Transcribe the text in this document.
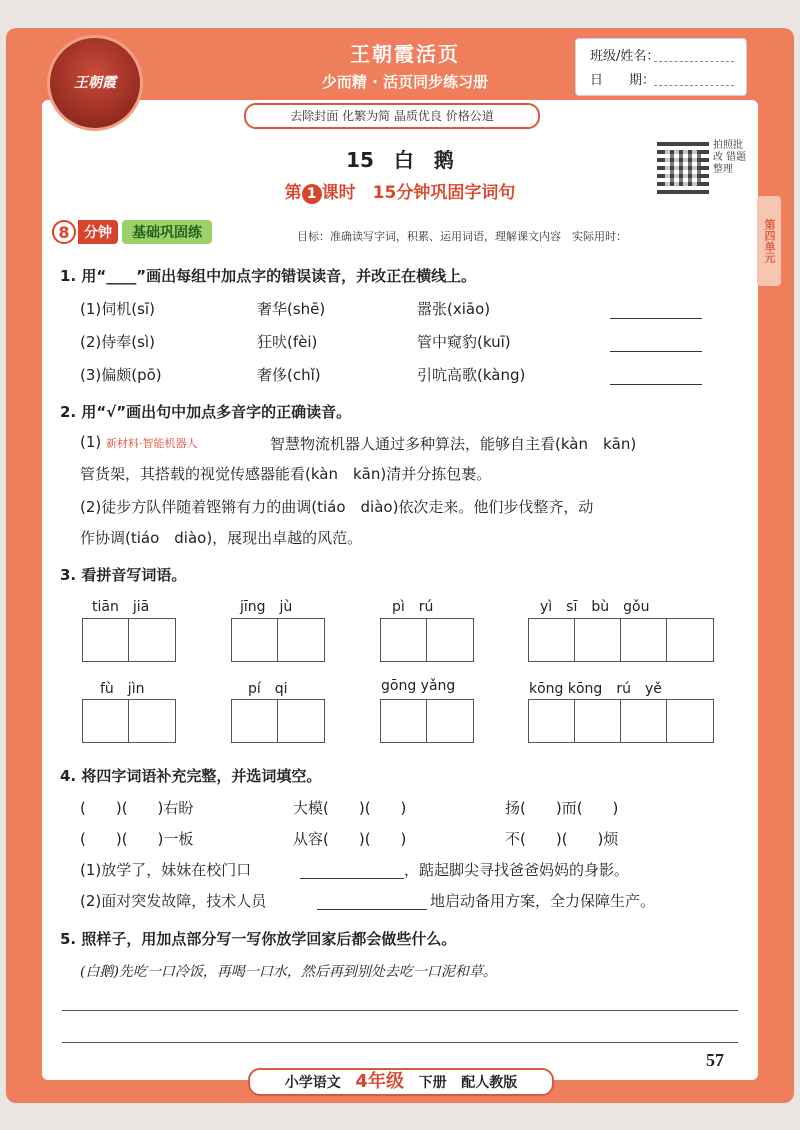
王朝霞
王朝霞活页
少而精 · 活页同步练习册
去除封面 化繁为简 晶质优良 价格公道
班级/姓名：
日　　期：
第四单元
15　白　鹅
第 1 课时　15分钟巩固字词句
拍照批改 错题整理
8	分钟	基础巩固练	目标：准确读写字词，积累、运用词语，理解课文内容　实际用时：
1. 用“____”画出每组中加点字的错误读音，并改正在横线上。
(1)伺机(sī)	奢华(shē)	嚣张(xiāo)
(2)侍奉(sì)	狂吠(fèi)	管中窥豹(kuī)
(3)偏颇(pō)	奢侈(chǐ)	引吭高歌(kàng)
2. 用“√”画出句中加点多音字的正确读音。
(1) 新材料·智能机器人	智慧物流机器人通过多种算法，能够自主看(kàn　kān)
管货架，其搭载的视觉传感器能看(kàn　kān)清并分拣包裹。
(2)徒步方队伴随着铿锵有力的曲调(tiáo　diào)依次走来。他们步伐整齐，动
作协调(tiáo　diào)，展现出卓越的风范。
3. 看拼音写词语。
tiān　jiā	jīng　jù	pì　rú	yì　sī　bù　gǒu
fù　jìn	pí　qi	gōng yǎng	kōng kōng　rú　yě
4. 将四字词语补充完整，并选词填空。
(　　)(　　)右盼	大模(　　)(　　)	扬(　　)而(　　)
(　　)(　　)一板	从容(　　)(　　)	不(　　)(　　)烦
(1)放学了，妹妹在校门口	，踮起脚尖寻找爸爸妈妈的身影。
(2)面对突发故障，技术人员	地启动备用方案，全力保障生产。
5. 照样子，用加点部分写一写你放学回家后都会做些什么。
(白鹅)先吃一口冷饭，再喝一口水，然后再到别处去吃一口泥和草。
小学语文 4年级 下册 配人教版
57
